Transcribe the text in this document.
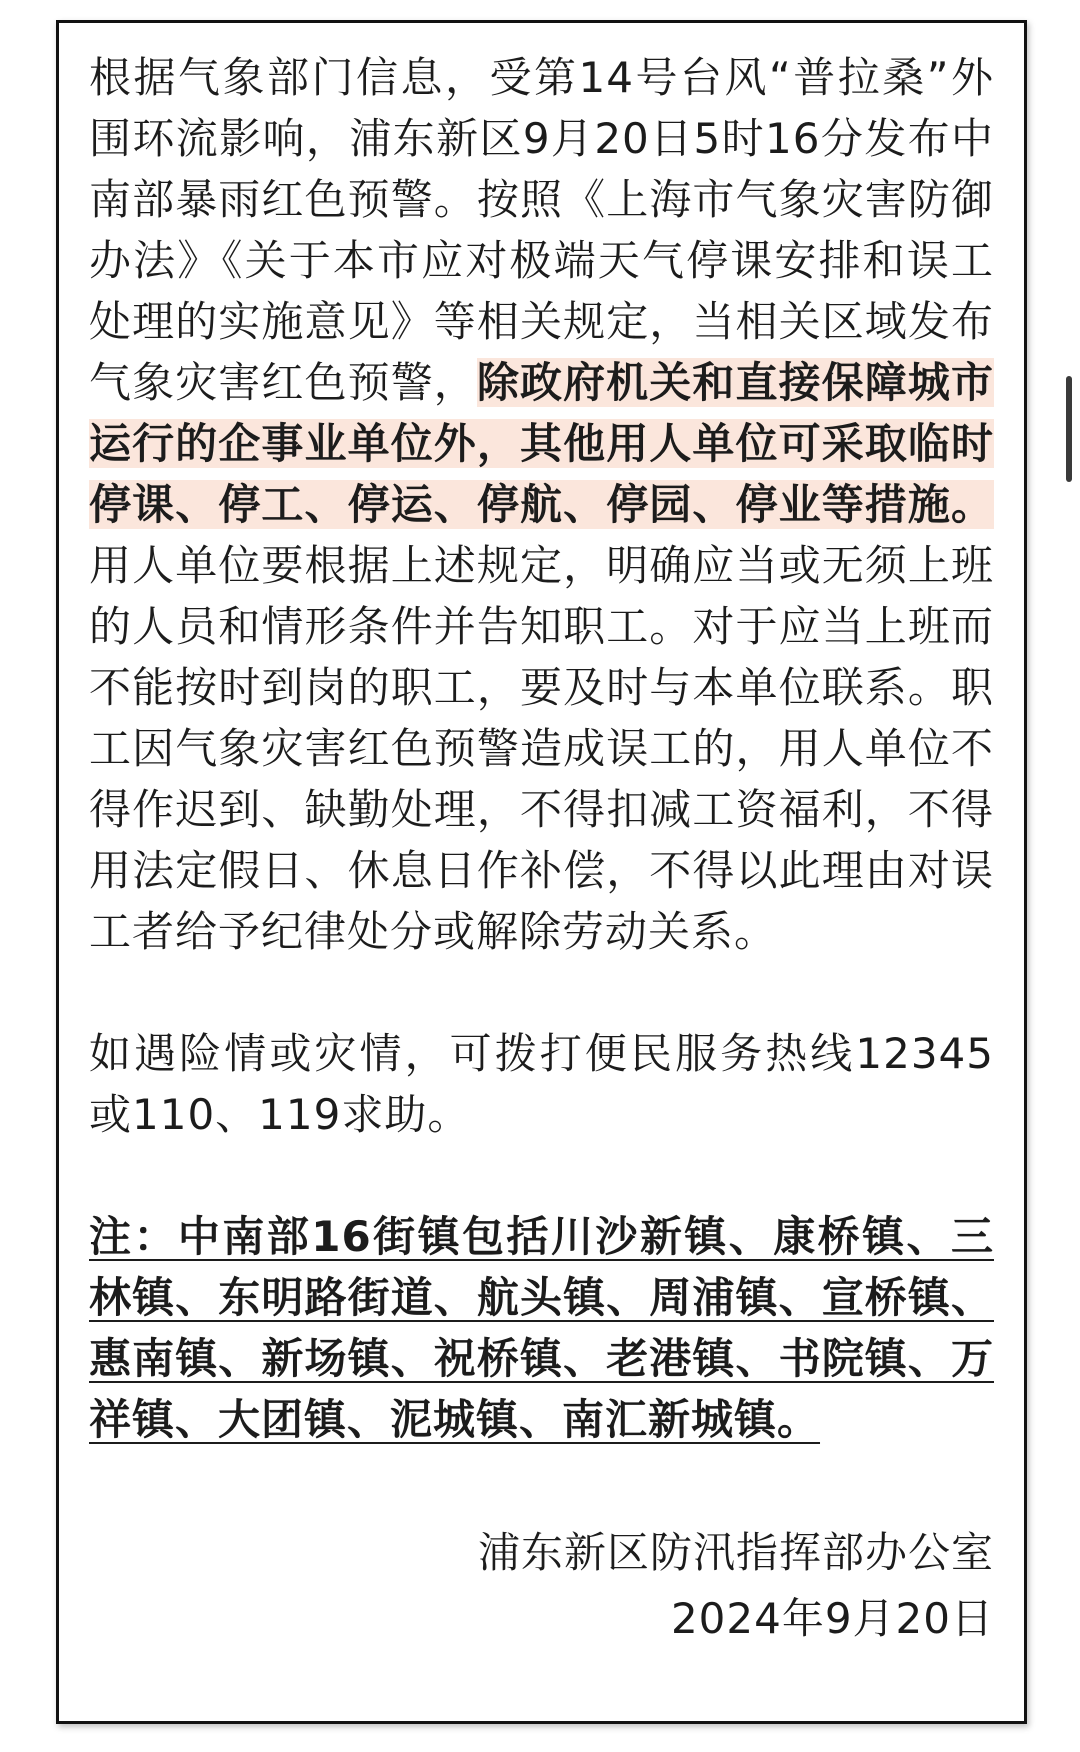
根据气象部门信息，受第14号台风“普拉桑”外围环流影响，浦东新区9月20日5时16分发布中南部暴雨红色预警。按照《上海市气象灾害防御办法》《关于本市应对极端天气停课安排和误工处理的实施意见》等相关规定，当相关区域发布气象灾害红色预警，除政府机关和直接保障城市运行的企事业单位外，其他用人单位可采取临时停课、停工、停运、停航、停园、停业等措施。用人单位要根据上述规定，明确应当或无须上班的人员和情形条件并告知职工。对于应当上班而不能按时到岗的职工，要及时与本单位联系。职工因气象灾害红色预警造成误工的，用人单位不得作迟到、缺勤处理，不得扣减工资福利，不得用法定假日、休息日作补偿，不得以此理由对误工者给予纪律处分或解除劳动关系。

如遇险情或灾情，可拨打便民服务热线12345或110、119求助。

注：中南部16街镇包括川沙新镇、康桥镇、三林镇、东明路街道、航头镇、周浦镇、宣桥镇、惠南镇、新场镇、祝桥镇、老港镇、书院镇、万祥镇、大团镇、泥城镇、南汇新城镇。

浦东新区防汛指挥部办公室
2024年9月20日
